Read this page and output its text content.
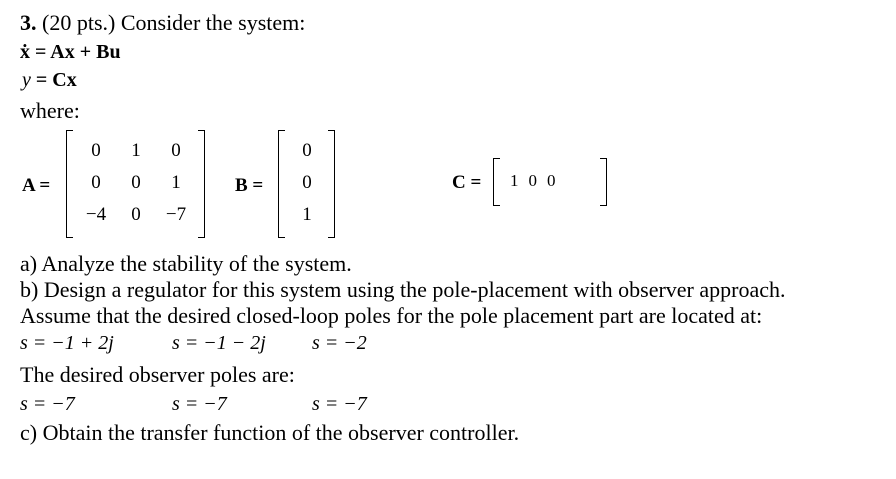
3. (20 pts.) Consider the system:
ẋ = Ax + Bu
y = Cx
where:
A =
0	1	0
0	0	1
−4	0	−7
B =
0
0
1
C = 1 0 0
a) Analyze the stability of the system.
b) Design a regulator for this system using the pole-placement with observer approach.
Assume that the desired closed-loop poles for the pole placement part are located at:
s = −1 + 2j	s = −1 − 2j s = −2
The desired observer poles are:
s = −7	s = −7	s = −7
c) Obtain the transfer function of the observer controller.
